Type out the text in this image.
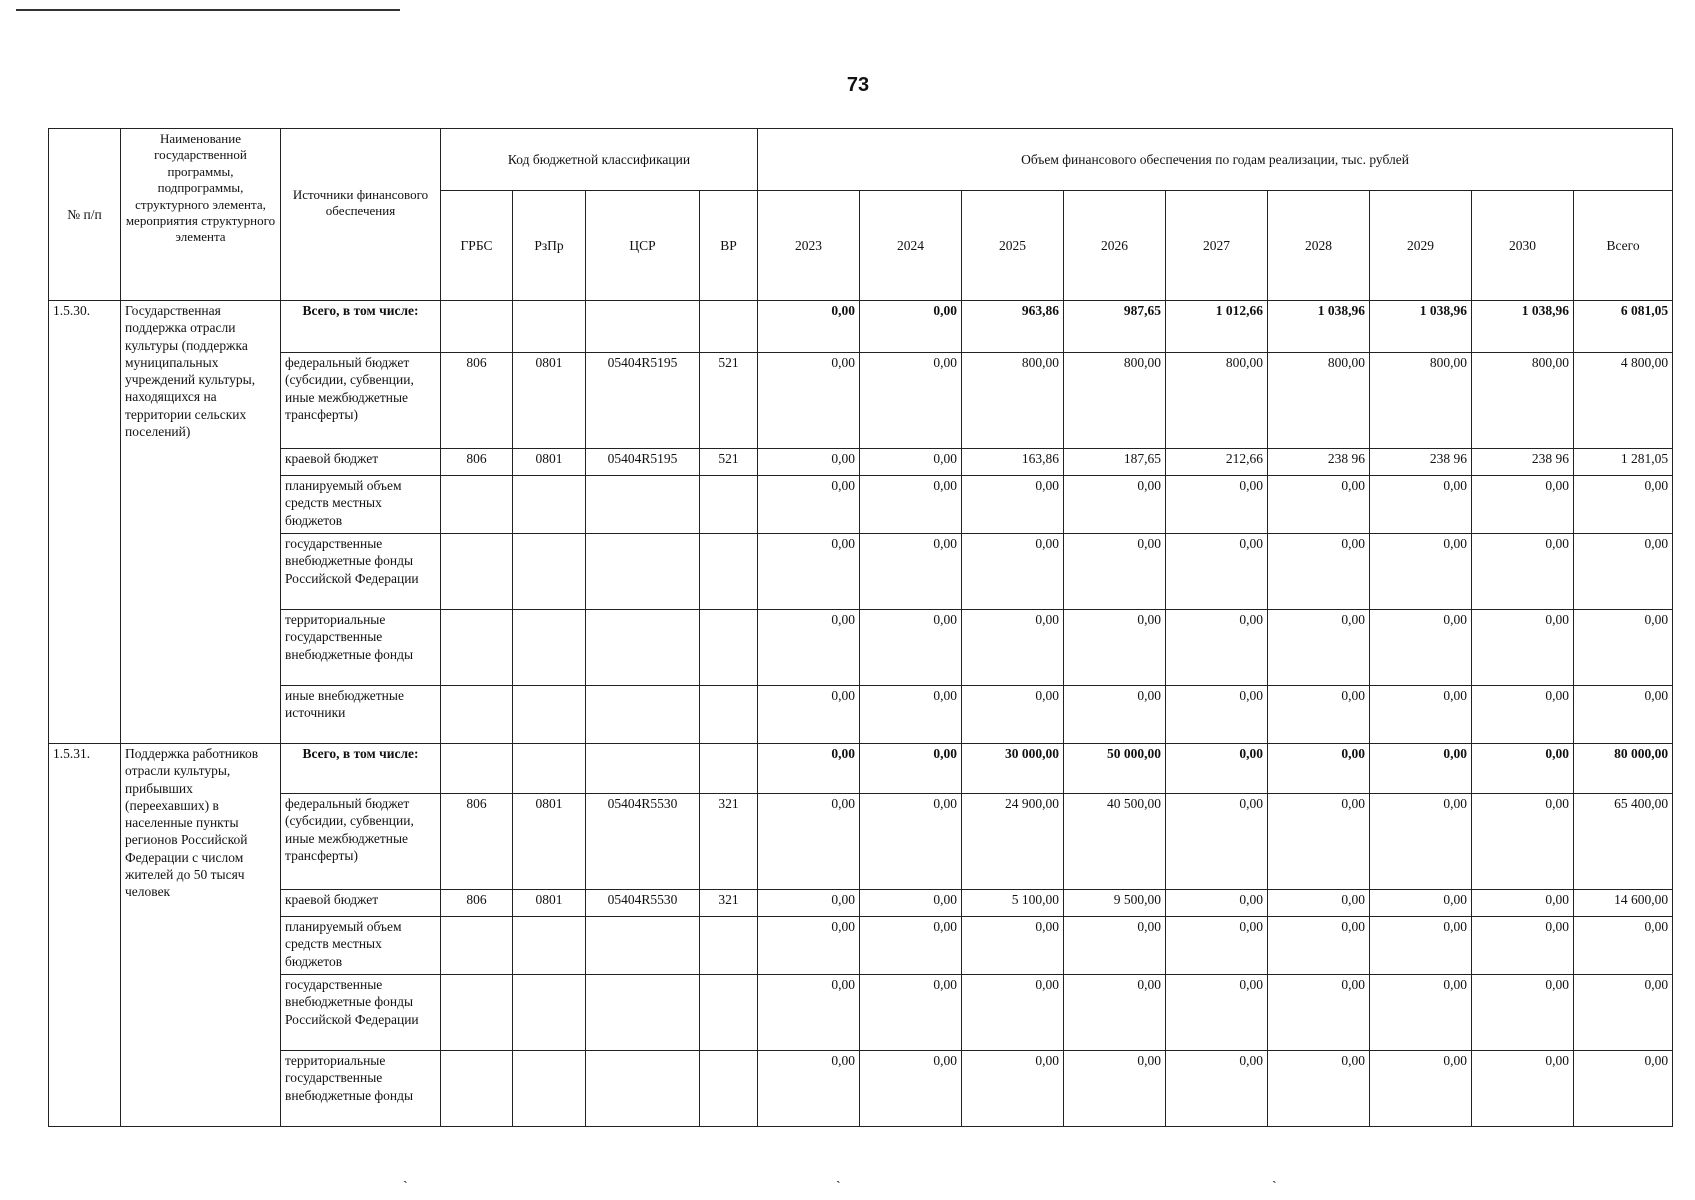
73
№ п/п	Наименование государственной программы, подпрограммы, структурного элемента, мероприятия структурного элемента	Источники финансового обеспечения	Код бюджетной классификации				Объем финансового обеспечения по годам реализации, тыс. рублей								
			ГРБС	РзПр	ЦСР	ВР	2023	2024	2025	2026	2027	2028	2029	2030	Всего
1.5.30.	Государственная поддержка отрасли культуры (поддержка муниципальных учреждений культуры, находящихся на территории сельских поселений)	Всего, в том числе:					0,00	0,00	963,86	987,65	1 012,66	1 038,96	1 038,96	1 038,96	6 081,05
		федеральный бюджет (субсидии, субвенции, иные межбюджетные трансферты)	806	0801	05404R5195	521	0,00	0,00	800,00	800,00	800,00	800,00	800,00	800,00	4 800,00
		краевой бюджет	806	0801	05404R5195	521	0,00	0,00	163,86	187,65	212,66	238 96	238 96	238 96	1 281,05
		планируемый объем средств местных бюджетов					0,00	0,00	0,00	0,00	0,00	0,00	0,00	0,00	0,00
		государственные внебюджетные фонды Российской Федерации					0,00	0,00	0,00	0,00	0,00	0,00	0,00	0,00	0,00
		территориальные государственные внебюджетные фонды					0,00	0,00	0,00	0,00	0,00	0,00	0,00	0,00	0,00
		иные внебюджетные источники					0,00	0,00	0,00	0,00	0,00	0,00	0,00	0,00	0,00
1.5.31.	Поддержка работников отрасли культуры, прибывших (переехавших) в населенные пункты регионов Российской Федерации с числом жителей до 50 тысяч человек	Всего, в том числе:					0,00	0,00	30 000,00	50 000,00	0,00	0,00	0,00	0,00	80 000,00
		федеральный бюджет (субсидии, субвенции, иные межбюджетные трансферты)	806	0801	05404R5530	321	0,00	0,00	24 900,00	40 500,00	0,00	0,00	0,00	0,00	65 400,00
		краевой бюджет	806	0801	05404R5530	321	0,00	0,00	5 100,00	9 500,00	0,00	0,00	0,00	0,00	14 600,00
		планируемый объем средств местных бюджетов					0,00	0,00	0,00	0,00	0,00	0,00	0,00	0,00	0,00
		государственные внебюджетные фонды Российской Федерации					0,00	0,00	0,00	0,00	0,00	0,00	0,00	0,00	0,00
		территориальные государственные внебюджетные фонды					0,00	0,00	0,00	0,00	0,00	0,00	0,00	0,00	0,00
ˎ	ˎ	ˎ
